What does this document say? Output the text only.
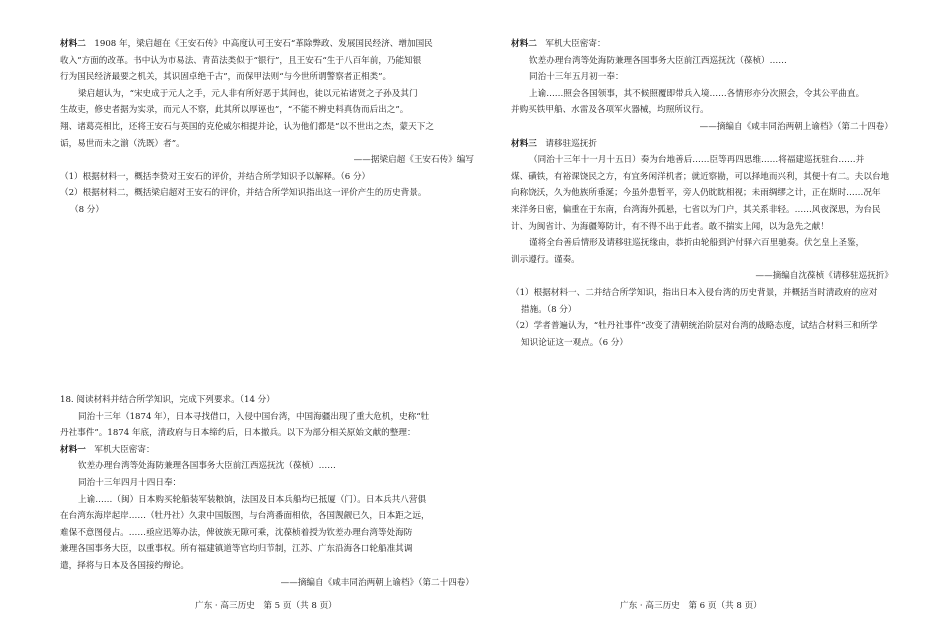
材料二　 1908 年，梁启超在《王安石传》中高度认可王安石“革除弊政、发展国民经济、增加国民

收入”方面的改革。书中认为市易法、青苗法类似于“银行”，且王安石“生于八百年前，乃能知银

行为国民经济最要之机关，其识固卓绝千古”，而保甲法则“与今世所谓警察者正相类”。

梁启超认为，“宋史成于元人之手，元人非有所好恶于其间也，徒以元祐诸贤之子孙及其门

生故吏，修史者据为实录，而元人不察，此其所以厚诬也”，“不能不辨史料真伪而后出之”。

翔、诸葛亮相比，还将王安石与英国的克伦威尔相提并论，认为他们都是“以不世出之杰，蒙天下之

诟，易世而未之湔（洗既）者”。

——据梁启超《王安石传》编写

（1）根据材料一，概括李贽对王安石的评价，并结合所学知识予以解释。（6 分）

（2）根据材料二，概括梁启超对王安石的评价，并结合所学知识指出这一评价产生的历史背景。

（8 分）

18. 阅读材料并结合所学知识，完成下列要求。（14 分）

同治十三年（1874 年），日本寻找借口，入侵中国台湾，中国海疆出现了重大危机，史称“牡

丹社事件”。1874 年底，清政府与日本缔约后，日本撤兵。以下为部分相关原始文献的整理：

材料一　 军机大臣密寄：

钦差办理台湾等处海防兼理各国事务大臣前江西巡抚沈（葆桢）……

同治十三年四月十四日奉：

上谕……（闽）日本购买轮船装军装粮饷，法国及日本兵船均已抵厦（门）。日本兵共八营俱

在台湾东海岸起岸……（牡丹社）久隶中国版图，与台湾番面相依，各国觊觎已久，日本距之远，

难保不意图侵占。……亟应迅筹办法，俾彼族无隙可乘，沈葆桢着授为钦差办理台湾等处海防

兼理各国事务大臣，以重事权。所有福建镇道等官均归节制，江苏、广东沿海各口轮船准其调

遣，择将与日本及各国接约辩论。

——摘编自《咸丰同治两朝上谕档》（第二十四卷）

材料二　 军机大臣密寄：

钦差办理台湾等处海防兼理各国事务大臣前江西巡抚沈（葆桢）……

同治十三年五月初一奉：

上谕……照会各国领事，其不候照覆即带兵入境……各情形亦分次照会，令其公平曲直。

并购买铁甲船、水雷及各项军火器械，均照所议行。

——摘编自《咸丰同治两朝上谕档》（第二十四卷）

材料三　 请移驻巡抚折

（同治十三年十一月十五日）奏为台地善后……臣等再四思维……将福建巡抚驻台……并

煤、磺铁，有裕课饶民之方，有宜务闲洋机者；就近察勘，可以择地而兴利，其便十有二。夫以台地

向称饶沃，久为他族所垂涎；今虽外患暂平，旁人仍眈眈相视；未雨绸缪之计，正在斯时……况年

来洋务日密，偏重在于东南，台湾海外孤悬，七省以为门户，其关系非轻。……风夜深思，为台民

计、为闽省计、为海疆筹防计，有不得不出于此者。敢不揣实上闻，以为急先之献！

谨将全台善后情形及请移驻巡抚缘由，恭折由轮船到沪付驿六百里驰奏。伏乞皇上圣鉴，

训示遵行。谨奏。

——摘编自沈葆桢《请移驻巡抚折》

（1）根据材料一、二并结合所学知识，指出日本入侵台湾的历史背景，并概括当时清政府的应对

措施。（8 分）

（2）学者普遍认为，“牡丹社事件”改变了清朝统治阶层对台湾的战略态度，试结合材料三和所学

知识论证这一观点。（6 分）

广东 · 高三历史　第 5 页（共 8 页）	广东 · 高三历史　第 6 页（共 8 页）
